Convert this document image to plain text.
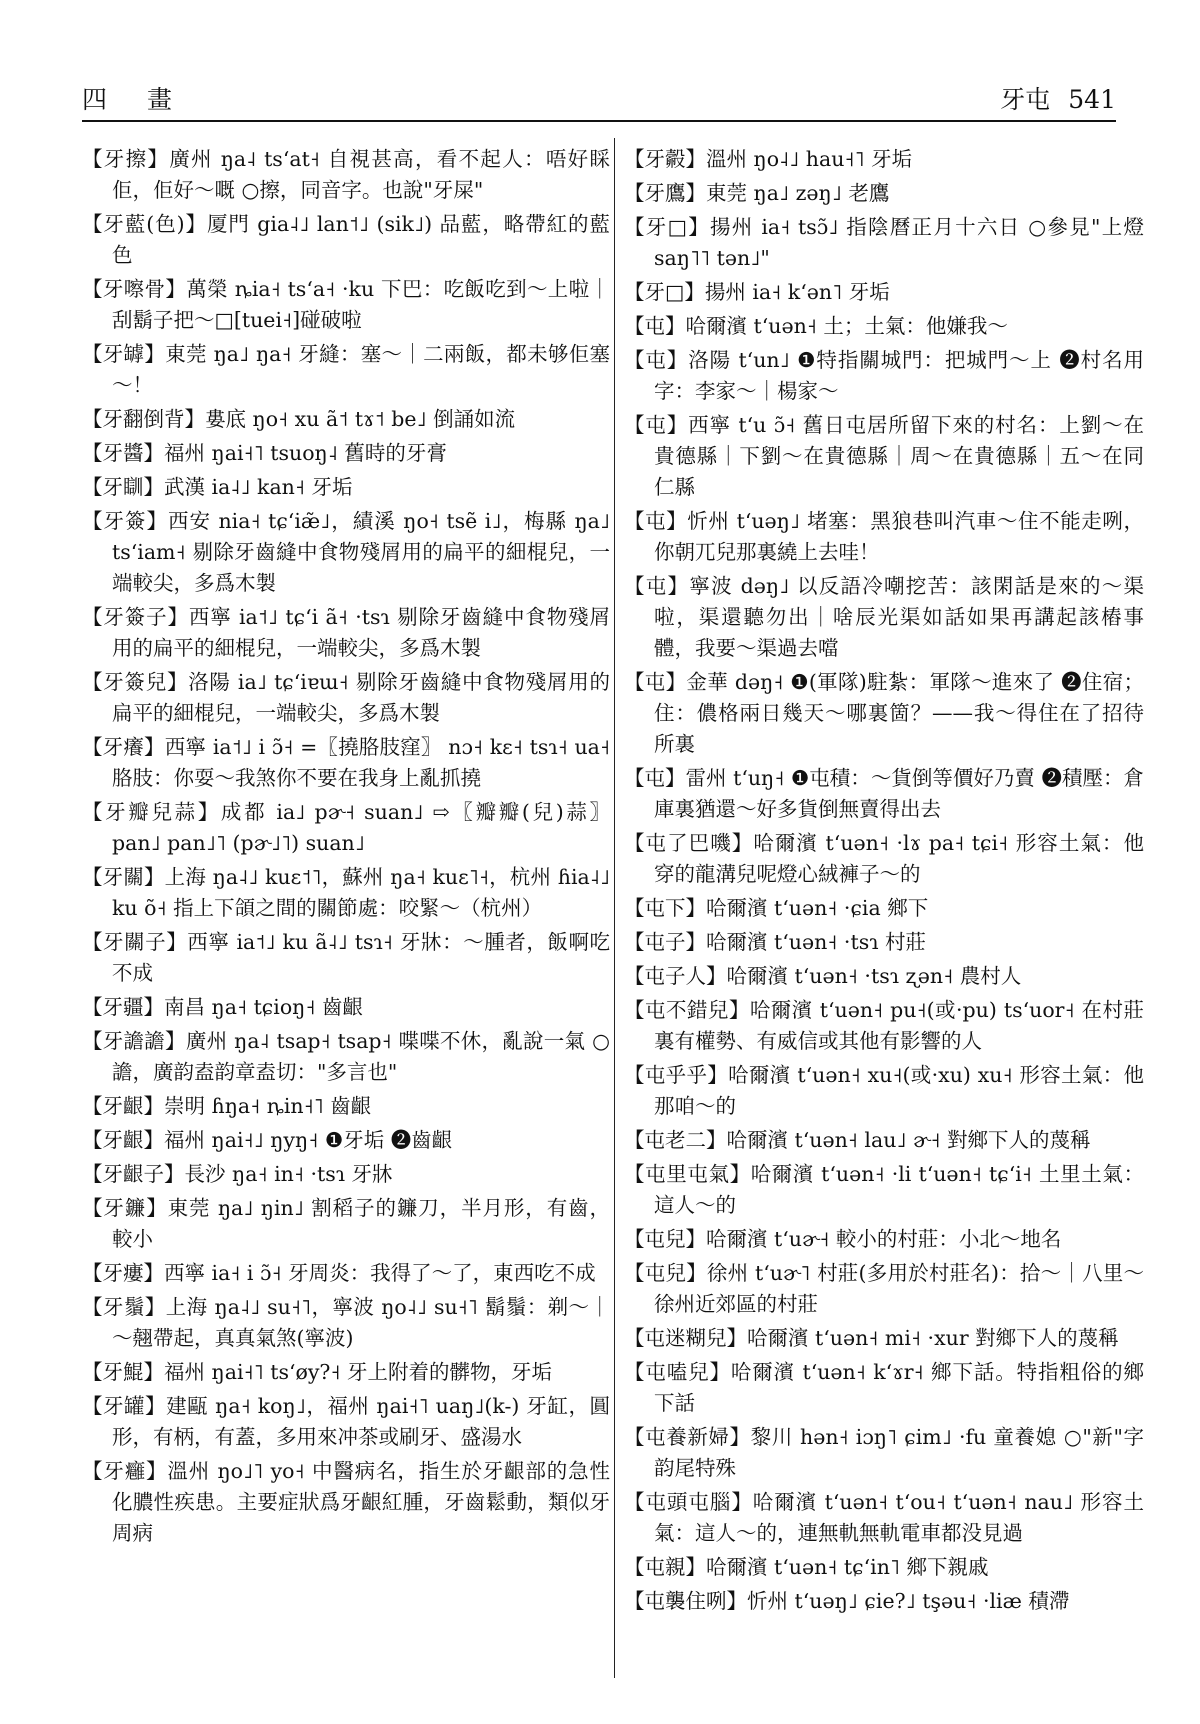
四 畫	牙屯 541

【牙擦】廣州 ŋa˨ tsʻat˧ 自視甚高，看不起人：唔好睬佢，佢好～嘅 ○擦，同音字。也說"牙屎"

【牙藍(色)】厦門 gia˨˩ lan˦˩ (sik˩) 品藍，略帶紅的藍色

【牙嚓骨】萬榮 ȵia˧ tsʻa˧ ·ku 下巴：吃飯吃到～上啦｜刮鬍子把～□[tuei˧]碰破啦

【牙罅】東莞 ŋa˩ ŋa˧ 牙縫：塞～｜二兩飯，都未够佢塞～！

【牙翻倒背】婁底 ŋo˧ xu ã˦ tɤ˦ be˩ 倒誦如流

【牙醬】福州 ŋai˧˥ tsuoŋ˨ 舊時的牙膏

【牙瞓】武漢 ia˨˩ kan˧ 牙垢

【牙簽】西安 nia˧ tɕʻiæ̃˩，績溪 ŋo˧ tsẽ i˩，梅縣 ŋa˩ tsʻiam˧ 剔除牙齒縫中食物殘屑用的扁平的細棍兒，一端較尖，多爲木製

【牙簽子】西寧 ia˦˩ tɕʻi ã˧ ·tsɿ 剔除牙齒縫中食物殘屑用的扁平的細棍兒，一端較尖，多爲木製

【牙簽兒】洛陽 ia˩ tɕʻiɐɯ˧ 剔除牙齒縫中食物殘屑用的扁平的細棍兒，一端較尖，多爲木製

【牙癢】西寧 ia˦˩ i ɔ̃˧ =〖撓胳肢窪〗 nɔ˧ kɛ˧ tsɿ˧ ua˧ 胳肢：你耍～我煞你不要在我身上亂抓撓

【牙瓣兒蒜】成都 ia˩ pɚ˧ suan˩ ⇨〖瓣瓣(兒)蒜〗 pan˩ pan˩˥ (pɚ˩˥) suan˩

【牙關】上海 ŋa˨˩ kuɛ˦˥，蘇州 ŋa˧ kuɛ˥˧，杭州 ɦia˨˩ ku õ˧ 指上下頜之間的關節處：咬緊～（杭州）

【牙關子】西寧 ia˦˩ ku ã˨˩ tsɿ˧ 牙牀：～腫者，飯啊吃不成

【牙疆】南昌 ŋa˧ tɕioŋ˧ 齒齦

【牙譫譫】廣州 ŋa˨ tsap˧ tsap˧ 喋喋不休，亂說一氣 ○譫，廣韵盍韵章盍切："多言也"

【牙齦】崇明 ɦŋa˧ ȵin˧˥ 齒齦

【牙齦】福州 ŋai˧˩ ŋyŋ˧ ❶牙垢 ❷齒齦

【牙齦子】長沙 ŋa˧ in˧ ·tsɿ 牙牀

【牙鐮】東莞 ŋa˩ ŋin˩ 割稻子的鐮刀，半月形，有齒，較小

【牙瘻】西寧 ia˧ i ɔ̃˧ 牙周炎：我得了～了，東西吃不成

【牙鬚】上海 ŋa˨˩ su˧˥，寧波 ŋo˨˩ su˧˥ 鬍鬚：剃～｜～翹帶起，真真氣煞(寧波)

【牙鯤】福州 ŋai˧˥ tsʻøy?˧ 牙上附着的髒物，牙垢

【牙罐】建甌 ŋa˧ koŋ˩，福州 ŋai˧˥ uaŋ˩(k-) 牙缸，圓形，有柄，有蓋，多用來冲茶或刷牙、盛湯水

【牙癰】溫州 ŋo˩˥ yo˧ 中醫病名，指生於牙齦部的急性化膿性疾患。主要症狀爲牙齦紅腫，牙齒鬆動，類似牙周病

【牙㲉】溫州 ŋo˨˩ hau˧˥ 牙垢

【牙鷹】東莞 ŋa˩ zəŋ˩ 老鷹

【牙□】揚州 ia˧ tsɔ̃˩ 指陰曆正月十六日 ○參見"上燈 saŋ˥˥ tən˩"

【牙□】揚州 ia˧ kʻən˥ 牙垢

【屯】哈爾濱 tʻuən˧ 土；土氣：他嫌我～

【屯】洛陽 tʻun˩ ❶特指關城門：把城門～上 ❷村名用字：李家～｜楊家～

【屯】西寧 tʻu ɔ̃˧ 舊日屯居所留下來的村名：上劉～在貴德縣｜下劉～在貴德縣｜周～在貴德縣｜五～在同仁縣

【屯】忻州 tʻuəŋ˩ 堵塞：黑狼巷叫汽車～住不能走咧，你朝兀兒那裏繞上去哇！

【屯】寧波 dəŋ˩ 以反語冷嘲挖苦：該閑話是來的～渠啦，渠還聽勿出｜啥辰光渠如話如果再講起該樁事體，我要～渠過去噹

【屯】金華 dəŋ˧ ❶(軍隊)駐紮：軍隊～進來了 ❷住宿；住：儂格兩日幾天～哪裏箇？——我～得住在了招待所裏

【屯】雷州 tʻuŋ˧ ❶屯積：～貨倒等價好乃賣 ❷積壓：倉庫裏猶還～好多貨倒無賣得出去

【屯了巴嘰】哈爾濱 tʻuən˧ ·lɤ pa˧ tɕi˧ 形容土氣：他穿的龍溝兒呢燈心絨褲子～的

【屯下】哈爾濱 tʻuən˧ ·ɕia 鄉下

【屯子】哈爾濱 tʻuən˧ ·tsɿ 村莊

【屯子人】哈爾濱 tʻuən˧ ·tsɿ ʐən˧ 農村人

【屯不錯兒】哈爾濱 tʻuən˧ pu˧(或·pu) tsʻuor˧ 在村莊裏有權勢、有威信或其他有影響的人

【屯乎乎】哈爾濱 tʻuən˧ xu˧(或·xu) xu˧ 形容土氣：他那咱～的

【屯老二】哈爾濱 tʻuən˧ lau˩ ɚ˧ 對鄉下人的蔑稱

【屯里屯氣】哈爾濱 tʻuən˧ ·li tʻuən˧ tɕʻi˧ 土里土氣：這人～的

【屯兒】哈爾濱 tʻuɚ˧ 較小的村莊：小北～地名

【屯兒】徐州 tʻuɚ˥ 村莊(多用於村莊名)：拾～｜八里～徐州近郊區的村莊

【屯迷糊兒】哈爾濱 tʻuən˧ mi˧ ·xur 對鄉下人的蔑稱

【屯嗑兒】哈爾濱 tʻuən˧ kʻɤr˧ 鄉下話。特指粗俗的鄉下話

【屯養新婦】黎川 hən˧ iɔŋ˥ ɕim˩ ·fu 童養媳 ○"新"字韵尾特殊

【屯頭屯腦】哈爾濱 tʻuən˧ tʻou˧ tʻuən˧ nau˩ 形容土氣：這人～的，連無軌無軌電車都没見過

【屯親】哈爾濱 tʻuən˧ tɕʻin˥ 鄉下親戚

【屯襲住咧】忻州 tʻuəŋ˩ ɕie?˩ tşəu˧ ·liæ 積滯
